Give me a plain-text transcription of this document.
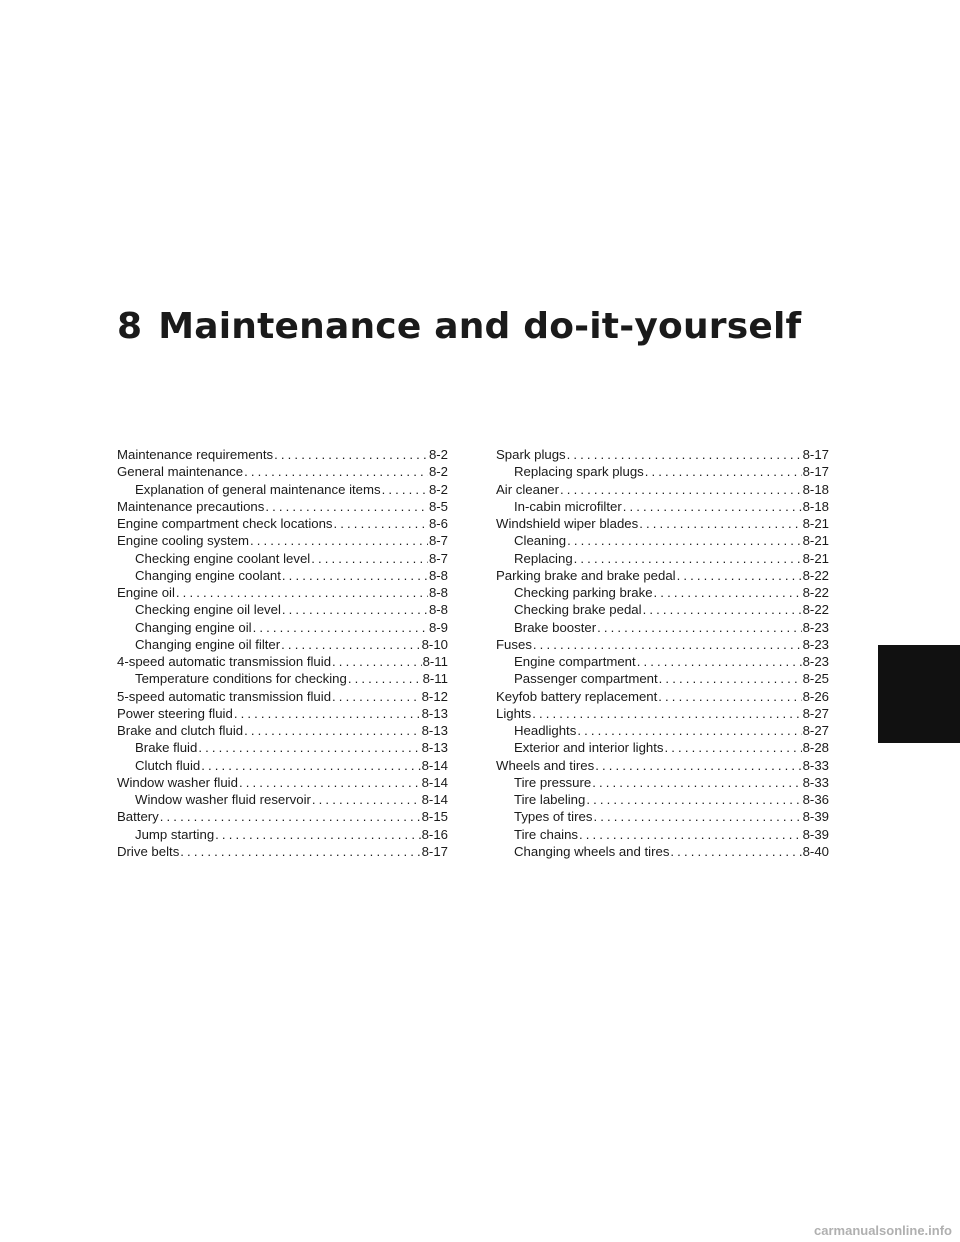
8 Maintenance and do-it-yourself
Maintenance requirements .....	8-2
General maintenance .....	8-2
Explanation of general maintenance items .....	8-2
Maintenance precautions .....	8-5
Engine compartment check locations .....	8-6
Engine cooling system .....	8-7
Checking engine coolant level .....	8-7
Changing engine coolant .....	8-8
Engine oil .....	8-8
Checking engine oil level .....	8-8
Changing engine oil .....	8-9
Changing engine oil filter .....	8-10
4-speed automatic transmission fluid .....	8-11
Temperature conditions for checking .....	8-11
5-speed automatic transmission fluid .....	8-12
Power steering fluid .....	8-13
Brake and clutch fluid .....	8-13
Brake fluid .....	8-13
Clutch fluid .....	8-14
Window washer fluid .....	8-14
Window washer fluid reservoir .....	8-14
Battery .....	8-15
Jump starting .....	8-16
Drive belts .....	8-17
Spark plugs .....	8-17
Replacing spark plugs .....	8-17
Air cleaner .....	8-18
In-cabin microfilter .....	8-18
Windshield wiper blades .....	8-21
Cleaning .....	8-21
Replacing .....	8-21
Parking brake and brake pedal .....	8-22
Checking parking brake .....	8-22
Checking brake pedal .....	8-22
Brake booster .....	8-23
Fuses .....	8-23
Engine compartment .....	8-23
Passenger compartment .....	8-25
Keyfob battery replacement .....	8-26
Lights .....	8-27
Headlights .....	8-27
Exterior and interior lights .....	8-28
Wheels and tires .....	8-33
Tire pressure .....	8-33
Tire labeling .....	8-36
Types of tires .....	8-39
Tire chains .....	8-39
Changing wheels and tires .....	8-40
carmanualsonline.info
